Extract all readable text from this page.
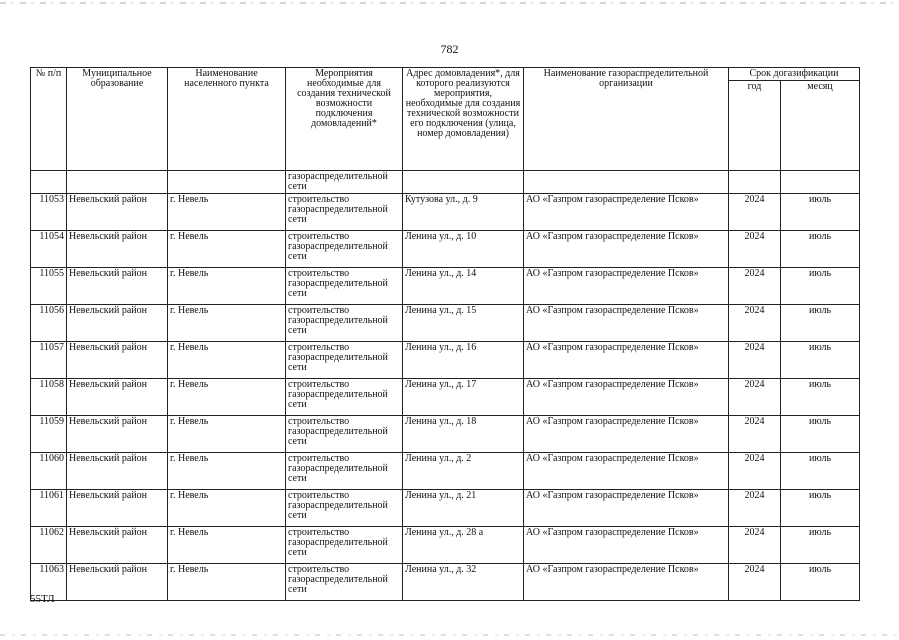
782
№ п/п	Муниципальное образование	Наименование населенного пункта	Мероприятия необходимые для создания технической возможности подключения домовладений*	Адрес домовладения*, для которого реализуются мероприятия, необходимые для создания технической возможности его подключения (улица, номер домовладения)	Наименование газораспределительной организации	Срок догазификации	
						год	месяц
			газораспределительной сети				
11053	Невельский район	г. Невель	строительство газораспределительной сети	Кутузова ул., д. 9	АО «Газпром газораспределение Псков»	2024	июль
11054	Невельский район	г. Невель	строительство газораспределительной сети	Ленина ул., д. 10	АО «Газпром газораспределение Псков»	2024	июль
11055	Невельский район	г. Невель	строительство газораспределительной сети	Ленина ул., д. 14	АО «Газпром газораспределение Псков»	2024	июль
11056	Невельский район	г. Невель	строительство газораспределительной сети	Ленина ул., д. 15	АО «Газпром газораспределение Псков»	2024	июль
11057	Невельский район	г. Невель	строительство газораспределительной сети	Ленина ул., д. 16	АО «Газпром газораспределение Псков»	2024	июль
11058	Невельский район	г. Невель	строительство газораспределительной сети	Ленина ул., д. 17	АО «Газпром газораспределение Псков»	2024	июль
11059	Невельский район	г. Невель	строительство газораспределительной сети	Ленина ул., д. 18	АО «Газпром газораспределение Псков»	2024	июль
11060	Невельский район	г. Невель	строительство газораспределительной сети	Ленина ул., д. 2	АО «Газпром газораспределение Псков»	2024	июль
11061	Невельский район	г. Невель	строительство газораспределительной сети	Ленина ул., д. 21	АО «Газпром газораспределение Псков»	2024	июль
11062	Невельский район	г. Невель	строительство газораспределительной сети	Ленина ул., д. 28 а	АО «Газпром газораспределение Псков»	2024	июль
11063	Невельский район	г. Невель	строительство газораспределительной сети	Ленина ул., д. 32	АО «Газпром газораспределение Псков»	2024	июль
55ТЛ
